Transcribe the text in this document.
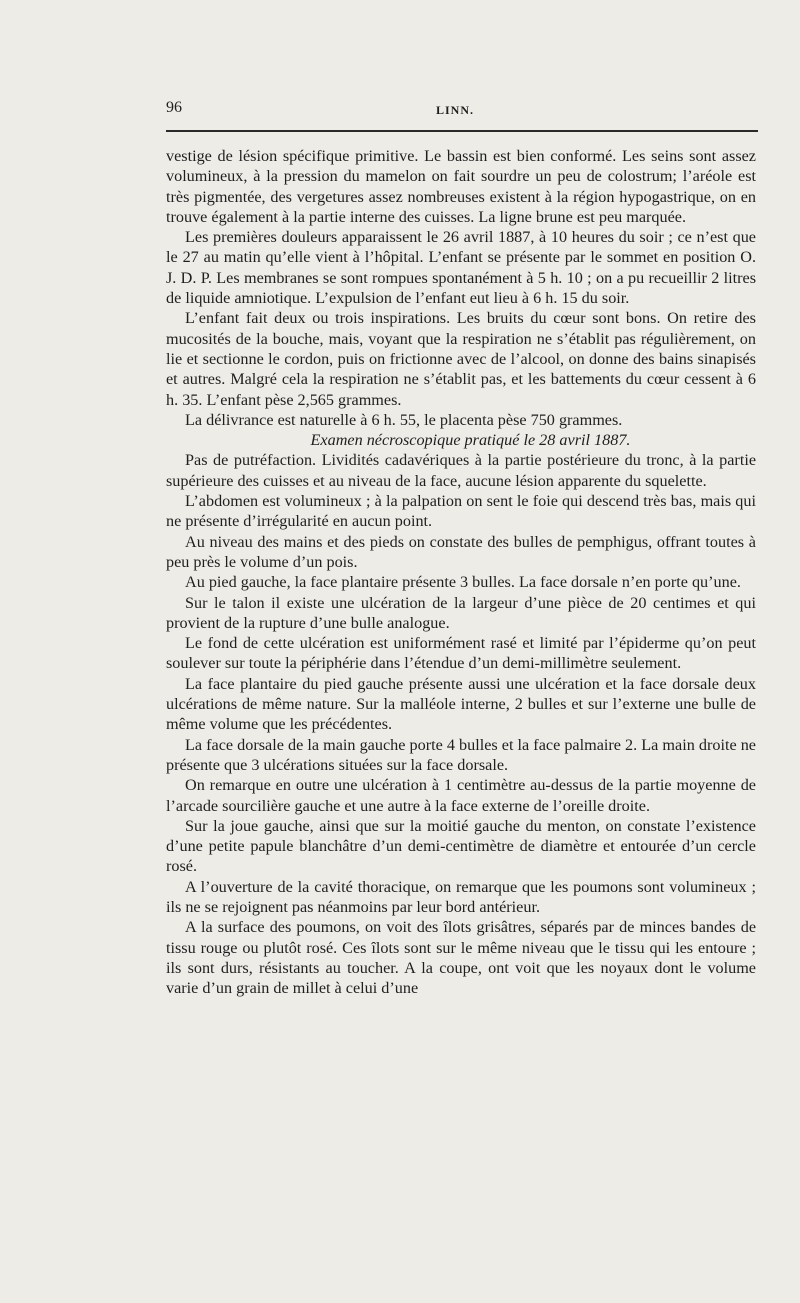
96	LINN.

vestige de lésion spécifique primitive. Le bassin est bien conformé. Les seins sont assez volumineux, à la pression du mamelon on fait sourdre un peu de colostrum; l’aréole est très pigmentée, des vergetures assez nombreuses existent à la région hypogastrique, on en trouve également à la partie interne des cuisses. La ligne brune est peu marquée.

Les premières douleurs apparaissent le 26 avril 1887, à 10 heures du soir ; ce n’est que le 27 au matin qu’elle vient à l’hôpital. L’enfant se présente par le sommet en position O. J. D. P. Les membranes se sont rompues spontanément à 5 h. 10 ; on a pu recueillir 2 litres de liquide amniotique. L’expulsion de l’enfant eut lieu à 6 h. 15 du soir.

L’enfant fait deux ou trois inspirations. Les bruits du cœur sont bons. On retire des mucosités de la bouche, mais, voyant que la respiration ne s’établit pas régulièrement, on lie et sectionne le cordon, puis on frictionne avec de l’alcool, on donne des bains sinapisés et autres. Malgré cela la respiration ne s’établit pas, et les battements du cœur cessent à 6 h. 35. L’enfant pèse 2,565 grammes.

La délivrance est naturelle à 6 h. 55, le placenta pèse 750 grammes.

Examen nécroscopique pratiqué le 28 avril 1887.

Pas de putréfaction. Lividités cadavériques à la partie postérieure du tronc, à la partie supérieure des cuisses et au niveau de la face, aucune lésion apparente du squelette.

L’abdomen est volumineux ; à la palpation on sent le foie qui descend très bas, mais qui ne présente d’irrégularité en aucun point.

Au niveau des mains et des pieds on constate des bulles de pemphigus, offrant toutes à peu près le volume d’un pois.

Au pied gauche, la face plantaire présente 3 bulles. La face dorsale n’en porte qu’une.

Sur le talon il existe une ulcération de la largeur d’une pièce de 20 centimes et qui provient de la rupture d’une bulle analogue.

Le fond de cette ulcération est uniformément rasé et limité par l’épiderme qu’on peut soulever sur toute la périphérie dans l’étendue d’un demi-millimètre seulement.

La face plantaire du pied gauche présente aussi une ulcération et la face dorsale deux ulcérations de même nature. Sur la malléole interne, 2 bulles et sur l’externe une bulle de même volume que les précédentes.

La face dorsale de la main gauche porte 4 bulles et la face palmaire 2. La main droite ne présente que 3 ulcérations situées sur la face dorsale.

On remarque en outre une ulcération à 1 centimètre au-dessus de la partie moyenne de l’arcade sourcilière gauche et une autre à la face externe de l’oreille droite.

Sur la joue gauche, ainsi que sur la moitié gauche du menton, on constate l’existence d’une petite papule blanchâtre d’un demi-centimètre de diamètre et entourée d’un cercle rosé.

A l’ouverture de la cavité thoracique, on remarque que les poumons sont volumineux ; ils ne se rejoignent pas néanmoins par leur bord antérieur.

A la surface des poumons, on voit des îlots grisâtres, séparés par de minces bandes de tissu rouge ou plutôt rosé. Ces îlots sont sur le même niveau que le tissu qui les entoure ; ils sont durs, résistants au toucher. A la coupe, ont voit que les noyaux dont le volume varie d’un grain de millet à celui d’une
